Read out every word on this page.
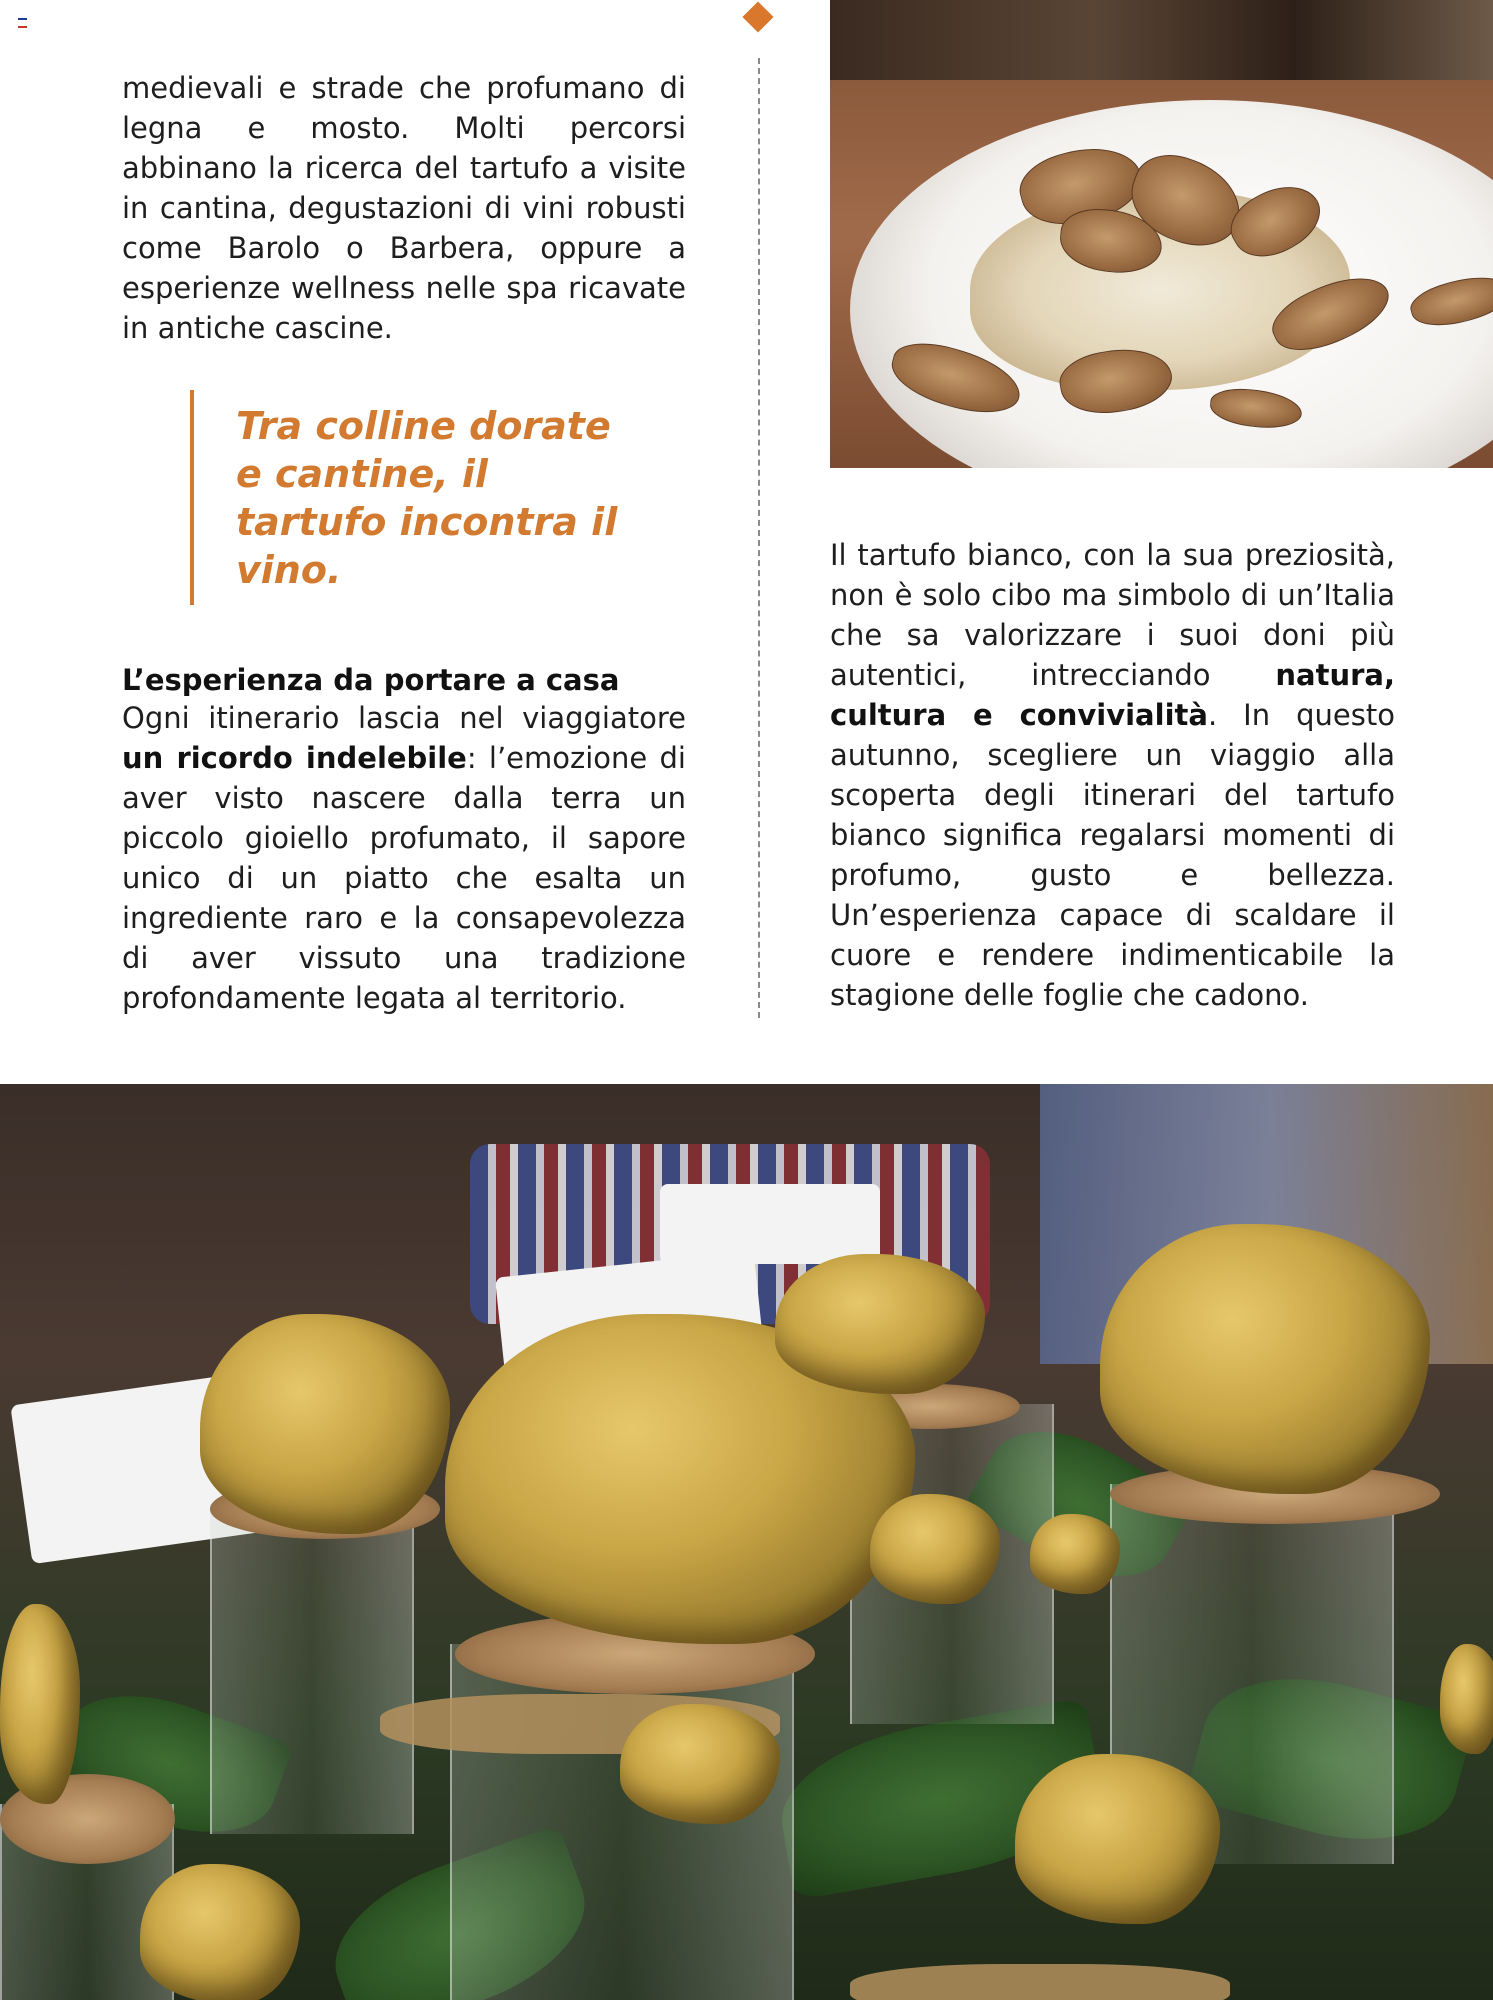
medievali e strade che profumano di legna e mosto. Molti percorsi abbinano la ricerca del tartufo a visite in cantina, degustazioni di vini robusti come Barolo o Barbera, oppure a esperienze wellness nelle spa ricavate in antiche cascine.

Tra colline dorate e cantine, il tartufo incontra il vino.

L’esperienza da portare a casa

Ogni itinerario lascia nel viaggiatore un ricordo indelebile: l’emozione di aver visto nascere dalla terra un piccolo gioiello profumato, il sapore unico di un piatto che esalta un ingrediente raro e la consapevolezza di aver vissuto una tradizione profondamente legata al territorio.

Il tartufo bianco, con la sua preziosità, non è solo cibo ma simbolo di un’Italia che sa valorizzare i suoi doni più autentici, intrecciando natura, cultura e convivialità. In questo autunno, scegliere un viaggio alla scoperta degli itinerari del tartufo bianco significa regalarsi momenti di profumo, gusto e bellezza. Un’esperienza capace di scaldare il cuore e rendere indimenticabile la stagione delle foglie che cadono.
